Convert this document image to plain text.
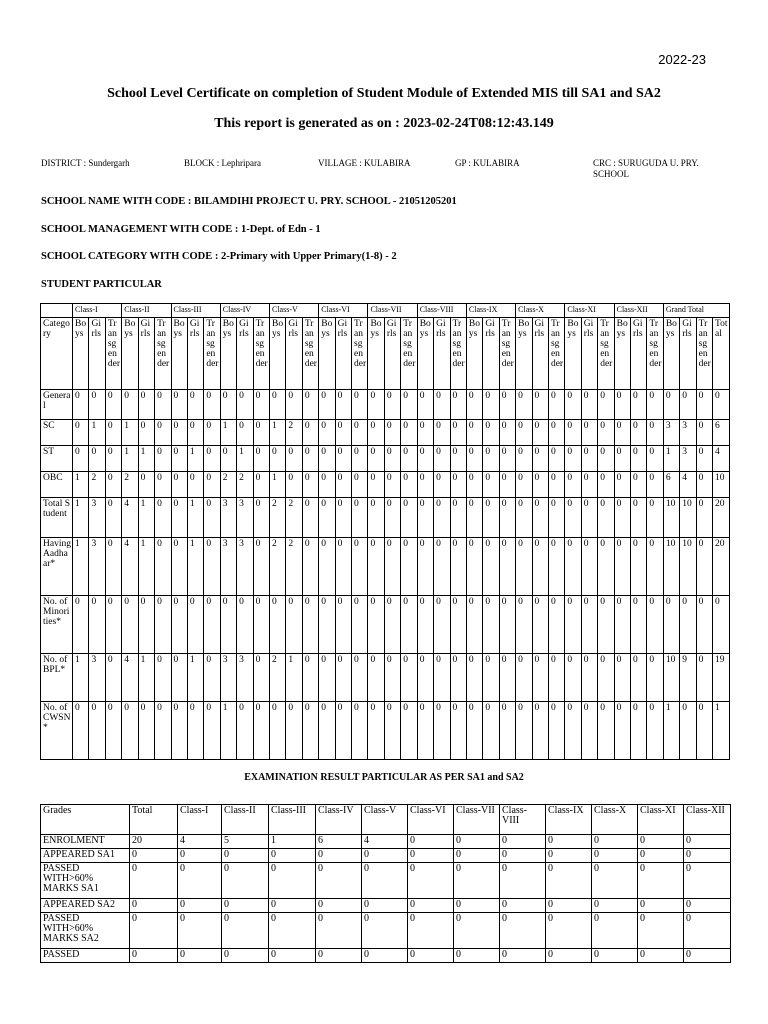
2022-23
School Level Certificate on completion of Student Module of Extended MIS till SA1 and SA2
This report is generated as on : 2023-02-24T08:12:43.149
DISTRICT : Sundergarh	BLOCK : Lephripara	VILLAGE : KULABIRA	GP : KULABIRA	CRC : SURUGUDA U. PRY. SCHOOL
SCHOOL NAME WITH CODE : BILAMDIHI PROJECT U. PRY. SCHOOL - 21051205201
SCHOOL MANAGEMENT WITH CODE : 1-Dept. of Edn - 1
SCHOOL CATEGORY WITH CODE : 2-Primary with Upper Primary(1-8) - 2
STUDENT PARTICULAR
	Class-I			Class-II			Class-III			Class-IV			Class-V			Class-VI			Class-VII			Class-VIII			Class-IX			Class-X			Class-XI			Class-XII			Grand Total			
Category	Boys	Girls	Transgender	Boys	Girls	Transgender	Boys	Girls	Transgender	Boys	Girls	Transgender	Boys	Girls	Transgender	Boys	Girls	Transgender	Boys	Girls	Transgender	Boys	Girls	Transgender	Boys	Girls	Transgender	Boys	Girls	Transgender	Boys	Girls	Transgender	Boys	Girls	Transgender	Boys	Girls	Transgender	Total
General	0	0	0	0	0	0	0	0	0	0	0	0	0	0	0	0	0	0	0	0	0	0	0	0	0	0	0	0	0	0	0	0	0	0	0	0	0	0	0	0
SC	0	1	0	1	0	0	0	0	0	1	0	0	1	2	0	0	0	0	0	0	0	0	0	0	0	0	0	0	0	0	0	0	0	0	0	0	3	3	0	6
ST	0	0	0	1	1	0	0	1	0	0	1	0	0	0	0	0	0	0	0	0	0	0	0	0	0	0	0	0	0	0	0	0	0	0	0	0	1	3	0	4
OBC	1	2	0	2	0	0	0	0	0	2	2	0	1	0	0	0	0	0	0	0	0	0	0	0	0	0	0	0	0	0	0	0	0	0	0	0	6	4	0	10
Total Student	1	3	0	4	1	0	0	1	0	3	3	0	2	2	0	0	0	0	0	0	0	0	0	0	0	0	0	0	0	0	0	0	0	0	0	0	10	10	0	20
Having Aadhaar*	1	3	0	4	1	0	0	1	0	3	3	0	2	2	0	0	0	0	0	0	0	0	0	0	0	0	0	0	0	0	0	0	0	0	0	0	10	10	0	20
No. of Minorities*	0	0	0	0	0	0	0	0	0	0	0	0	0	0	0	0	0	0	0	0	0	0	0	0	0	0	0	0	0	0	0	0	0	0	0	0	0	0	0	0
No. of BPL*	1	3	0	4	1	0	0	1	0	3	3	0	2	1	0	0	0	0	0	0	0	0	0	0	0	0	0	0	0	0	0	0	0	0	0	0	10	9	0	19
No. of CWSN*	0	0	0	0	0	0	0	0	0	1	0	0	0	0	0	0	0	0	0	0	0	0	0	0	0	0	0	0	0	0	0	0	0	0	0	0	1	0	0	1
EXAMINATION RESULT PARTICULAR AS PER SA1 and SA2
Grades	Total	Class-I	Class-II	Class-III	Class-IV	Class-V	Class-VI	Class-VII	Class-VIII	Class-IX	Class-X	Class-XI	Class-XII
ENROLMENT	20	4	5	1	6	4	0	0	0	0	0	0	0
APPEARED SA1	0	0	0	0	0	0	0	0	0	0	0	0	0
PASSED WITH>60% MARKS SA1	0	0	0	0	0	0	0	0	0	0	0	0	0
APPEARED SA2	0	0	0	0	0	0	0	0	0	0	0	0	0
PASSED WITH>60% MARKS SA2	0	0	0	0	0	0	0	0	0	0	0	0	0
PASSED	0	0	0	0	0	0	0	0	0	0	0	0	0
